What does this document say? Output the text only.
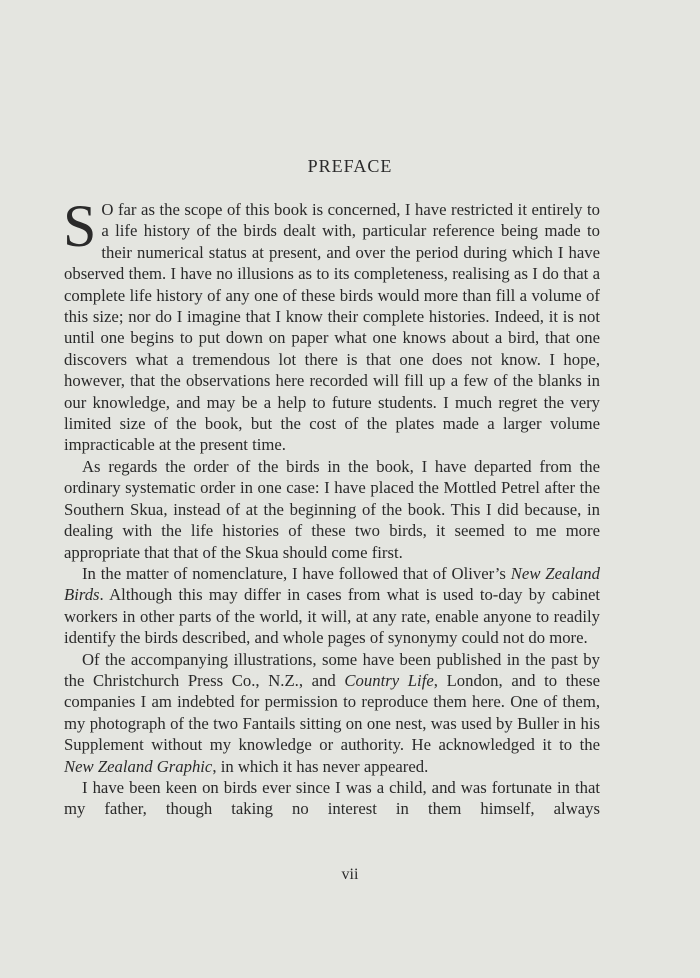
PREFACE

S O far as the scope of this book is concerned, I have restricted it entirely to a life history of the birds dealt with, particular reference being made to their numerical status at present, and over the period during which I have observed them. I have no illusions as to its completeness, realising as I do that a complete life history of any one of these birds would more than fill a volume of this size; nor do I imagine that I know their complete histories. Indeed, it is not until one begins to put down on paper what one knows about a bird, that one discovers what a tremendous lot there is that one does not know. I hope, however, that the observations here recorded will fill up a few of the blanks in our knowledge, and may be a help to future students. I much regret the very limited size of the book, but the cost of the plates made a larger volume impracticable at the present time.

As regards the order of the birds in the book, I have departed from the ordinary systematic order in one case: I have placed the Mottled Petrel after the Southern Skua, instead of at the beginning of the book. This I did because, in dealing with the life histories of these two birds, it seemed to me more appropriate that that of the Skua should come first.

In the matter of nomenclature, I have followed that of Oliver’s New Zealand Birds. Although this may differ in cases from what is used to-day by cabinet workers in other parts of the world, it will, at any rate, enable anyone to readily identify the birds described, and whole pages of synonymy could not do more.

Of the accompanying illustrations, some have been published in the past by the Christchurch Press Co., N.Z., and Country Life, London, and to these companies I am indebted for permission to reproduce them here. One of them, my photograph of the two Fantails sitting on one nest, was used by Buller in his Supplement without my knowledge or authority. He acknowledged it to the New Zealand Graphic, in which it has never appeared.

I have been keen on birds ever since I was a child, and was fortunate in that my father, though taking no interest in them himself, always

vii
